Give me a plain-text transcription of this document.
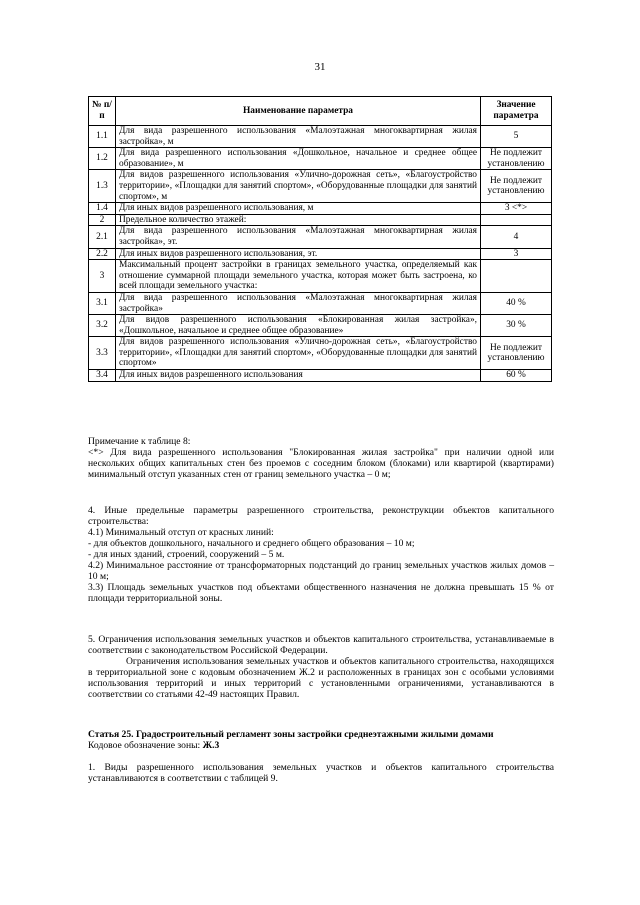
31
№ п/п	Наименование параметра	Значение параметра
1.1	Для вида разрешенного использования «Малоэтажная многоквартирная жилая застройка», м	5
1.2	Для вида разрешенного использования «Дошкольное, начальное и среднее общее образование», м	Не подлежит установлению
1.3	Для видов разрешенного использования «Улично-дорожная сеть», «Благоустройство территории», «Площадки для занятий спортом», «Оборудованные площадки для занятий спортом», м	Не подлежит установлению
1.4	Для иных видов разрешенного использования, м	3 <*>
2	Предельное количество этажей:	
2.1	Для вида разрешенного использования «Малоэтажная многоквартирная жилая застройка», эт.	4
2.2	Для иных видов разрешенного использования, эт.	3
3	Максимальный процент застройки в границах земельного участка, определяемый как отношение суммарной площади земельного участка, которая может быть застроена, ко всей площади земельного участка:	
3.1	Для вида разрешенного использования «Малоэтажная многоквартирная жилая застройка»	40 %
3.2	Для видов разрешенного использования «Блокированная жилая застройка», «Дошкольное, начальное и среднее общее образование»	30 %
3.3	Для видов разрешенного использования «Улично-дорожная сеть», «Благоустройство территории», «Площадки для занятий спортом», «Оборудованные площадки для занятий спортом»	Не подлежит установлению
3.4	Для иных видов разрешенного использования	60 %

Примечание к таблице 8:

<*> Для вида разрешенного использования "Блокированная жилая застройка" при наличии одной или нескольких общих капитальных стен без проемов с соседним блоком (блоками) или квартирой (квартирами) минимальный отступ указанных стен от границ земельного участка – 0 м;

4. Иные предельные параметры разрешенного строительства, реконструкции объектов капитального строительства:

4.1) Минимальный отступ от красных линий:

- для объектов дошкольного, начального и среднего общего образования – 10 м;

- для иных зданий, строений, сооружений – 5 м.

4.2) Минимальное расстояние от трансформаторных подстанций до границ земельных участков жилых домов – 10 м;

3.3) Площадь земельных участков под объектами общественного назначения не должна превышать 15 % от площади территориальной зоны.

5. Ограничения использования земельных участков и объектов капитального строительства, устанавливаемые в соответствии с законодательством Российской Федерации.

Ограничения использования земельных участков и объектов капитального строительства, находящихся в территориальной зоне с кодовым обозначением Ж.2 и расположенных в границах зон с особыми условиями использования территорий и иных территорий с установленными ограничениями, устанавливаются в соответствии со статьями 42-49 настоящих Правил.

Статья 25. Градостроительный регламент зоны застройки среднеэтажными жилыми домами

Кодовое обозначение зоны: Ж.3

1. Виды разрешенного использования земельных участков и объектов капитального строительства устанавливаются в соответствии с таблицей 9.
